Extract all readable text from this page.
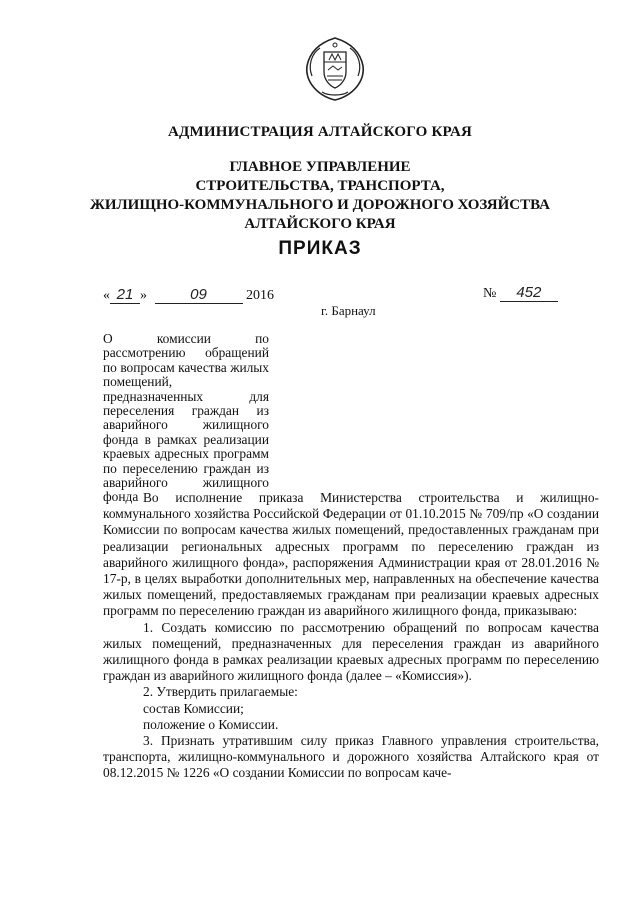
АДМИНИСТРАЦИЯ АЛТАЙСКОГО КРАЯ
ГЛАВНОЕ УПРАВЛЕНИЕ
СТРОИТЕЛЬСТВА, ТРАНСПОРТА,
ЖИЛИЩНО-КОММУНАЛЬНОГО И ДОРОЖНОГО ХОЗЯЙСТВА
АЛТАЙСКОГО КРАЯ
ПРИКАЗ
« 21 »	09	2016	№ 452
г. Барнаул
О комиссии по рассмотрению обращений по вопросам качества жилых помещений, предназначенных для переселения граждан из аварийного жилищного фонда в рамках реализации краевых адресных программ по переселению граждан из аварийного жилищного фонда Во исполнение приказа Министерства строительства и жилищно-коммунального хозяйства Российской Федерации от 01.10.2015 № 709/пр «О создании Комиссии по вопросам качества жилых помещений, предоставленных гражданам при реализации региональных адресных программ по переселению граждан из аварийного жилищного фонда», распоряжения Администрации края от 28.01.2016 № 17-р, в целях выработки дополнительных мер, направленных на обеспечение качества жилых помещений, предоставляемых гражданам при реализации краевых адресных программ по переселению граждан из аварийного жилищного фонда, приказываю:

1. Создать комиссию по рассмотрению обращений по вопросам качества жилых помещений, предназначенных для переселения граждан из аварийного жилищного фонда в рамках реализации краевых адресных программ по переселению граждан из аварийного жилищного фонда (далее – «Комиссия»).

2. Утвердить прилагаемые:

состав Комиссии;

положение о Комиссии.

3. Признать утратившим силу приказ Главного управления строительства, транспорта, жилищно-коммунального и дорожного хозяйства Алтайского края от 08.12.2015 № 1226 «О создании Комиссии по вопросам каче-
